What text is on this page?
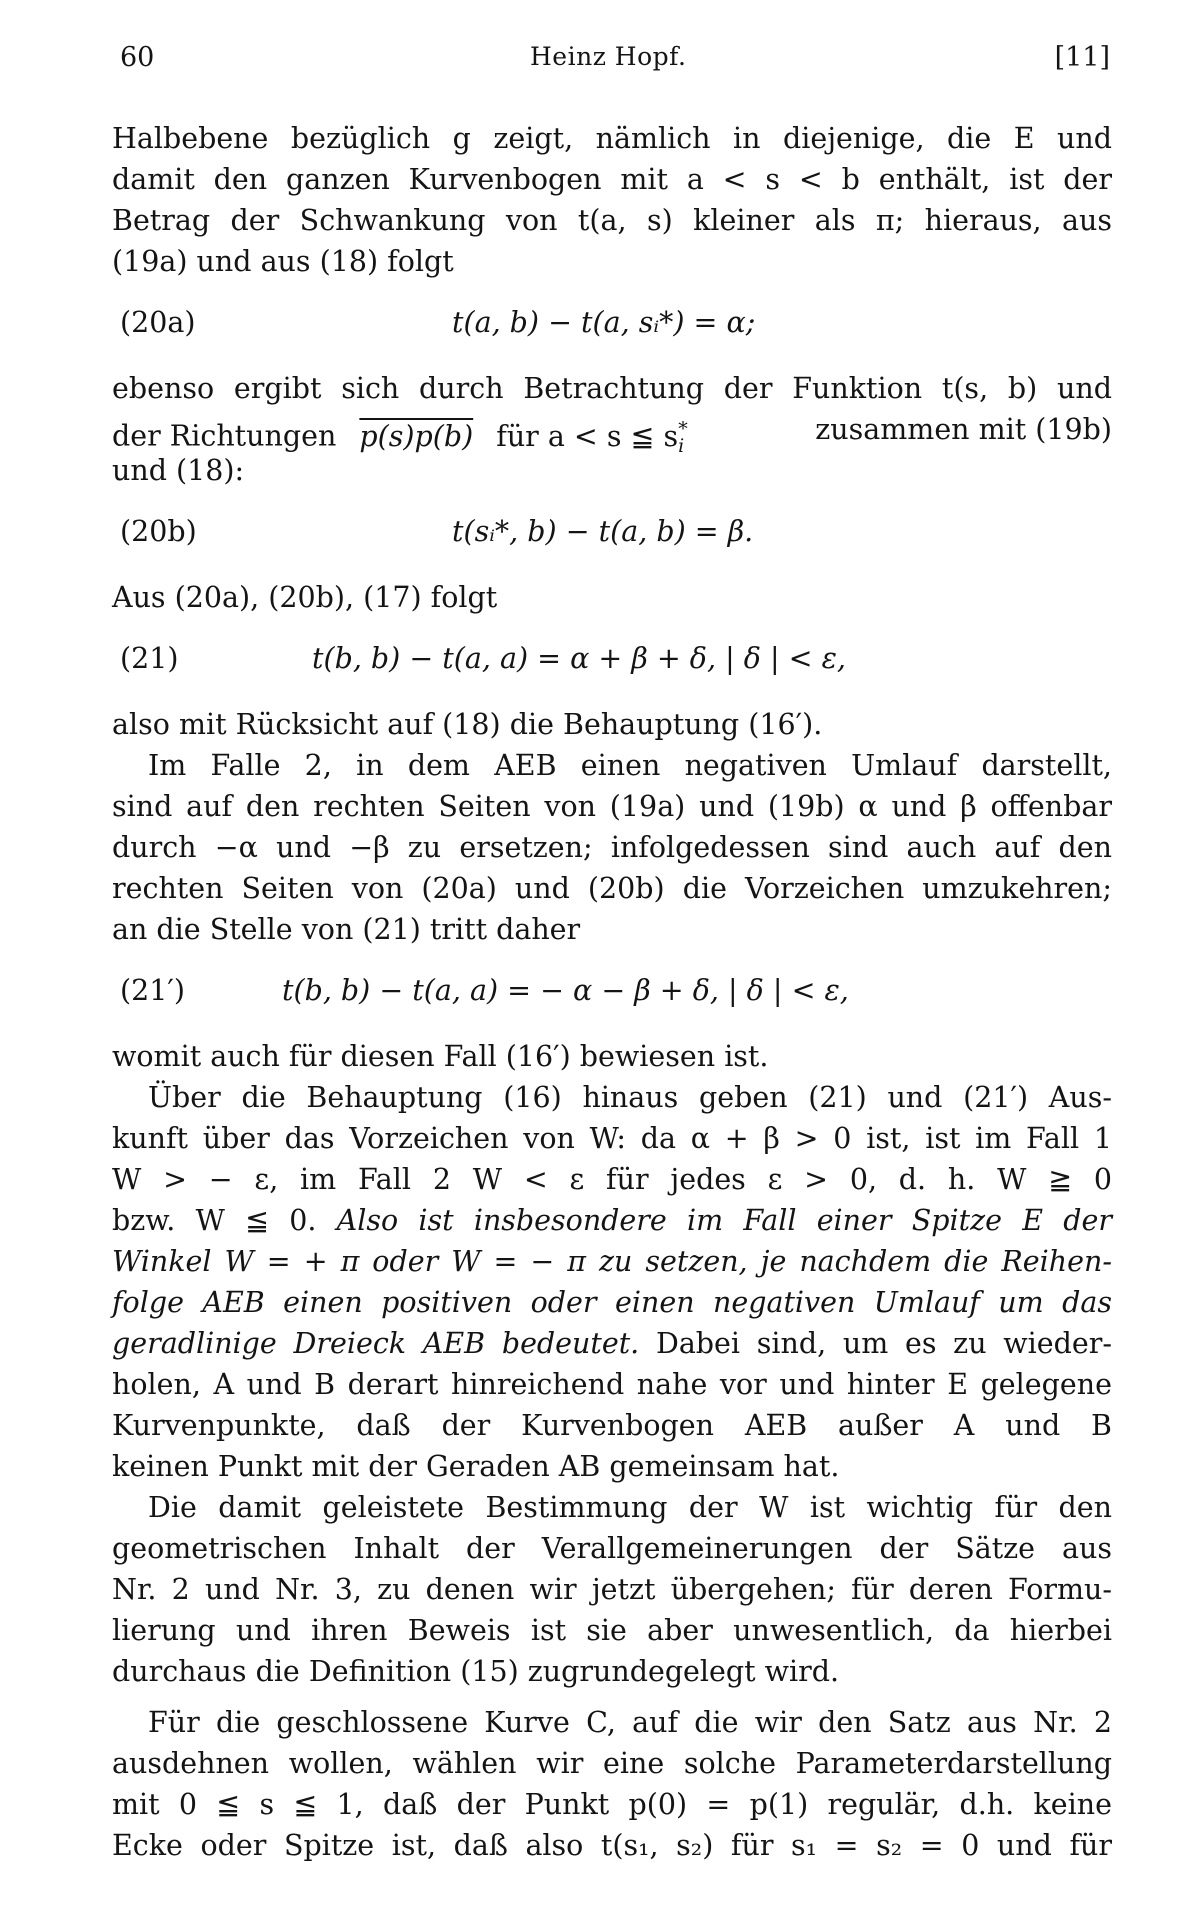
60	Heinz Hopf.	[11]
Halbebene bezüglich g zeigt, nämlich in diejenige, die E und
damit den ganzen Kurvenbogen mit a < s < b enthält, ist der
Betrag der Schwankung von t(a, s) kleiner als π; hieraus, aus
(19a) und aus (18) folgt
(20a)	t(a, b) − t(a, sᵢ*) = α;
ebenso ergibt sich durch Betrachtung der Funktion t(s, b) und
der Richtungen p(s)p(b) für a < s ≦ $s_i^*$	zusammen mit (19b)
und (18):
(20b)	t(sᵢ*, b) − t(a, b) = β.
Aus (20a), (20b), (17) folgt
(21)	t(b, b) − t(a, a) = α + β + δ, | δ | < ε,
also mit Rücksicht auf (18) die Behauptung (16′).
Im Falle 2, in dem AEB einen negativen Umlauf darstellt,
sind auf den rechten Seiten von (19a) und (19b) α und β offenbar
durch −α und −β zu ersetzen; infolgedessen sind auch auf den
rechten Seiten von (20a) und (20b) die Vorzeichen umzukehren;
an die Stelle von (21) tritt daher
(21′)	t(b, b) − t(a, a) = − α − β + δ, | δ | < ε,
womit auch für diesen Fall (16′) bewiesen ist.
Über die Behauptung (16) hinaus geben (21) und (21′) Aus-
kunft über das Vorzeichen von W: da α + β > 0 ist, ist im Fall 1
W > − ε, im Fall 2 W < ε für jedes ε > 0, d. h. W ≧ 0
bzw. W ≦ 0. Also ist insbesondere im Fall einer Spitze E der
Winkel W = + π oder W = − π zu setzen, je nachdem die Reihen-
folge AEB einen positiven oder einen negativen Umlauf um das
geradlinige Dreieck AEB bedeutet. Dabei sind, um es zu wieder-
holen, A und B derart hinreichend nahe vor und hinter E gelegene
Kurvenpunkte, daß der Kurvenbogen AEB außer A und B
keinen Punkt mit der Geraden AB gemeinsam hat.
Die damit geleistete Bestimmung der W ist wichtig für den
geometrischen Inhalt der Verallgemeinerungen der Sätze aus
Nr. 2 und Nr. 3, zu denen wir jetzt übergehen; für deren Formu-
lierung und ihren Beweis ist sie aber unwesentlich, da hierbei
durchaus die Definition (15) zugrundegelegt wird.
Für die geschlossene Kurve C, auf die wir den Satz aus Nr. 2
ausdehnen wollen, wählen wir eine solche Parameterdarstellung
mit 0 ≦ s ≦ 1, daß der Punkt p(0) = p(1) regulär, d.h. keine
Ecke oder Spitze ist, daß also t(s₁, s₂) für s₁ = s₂ = 0 und für
